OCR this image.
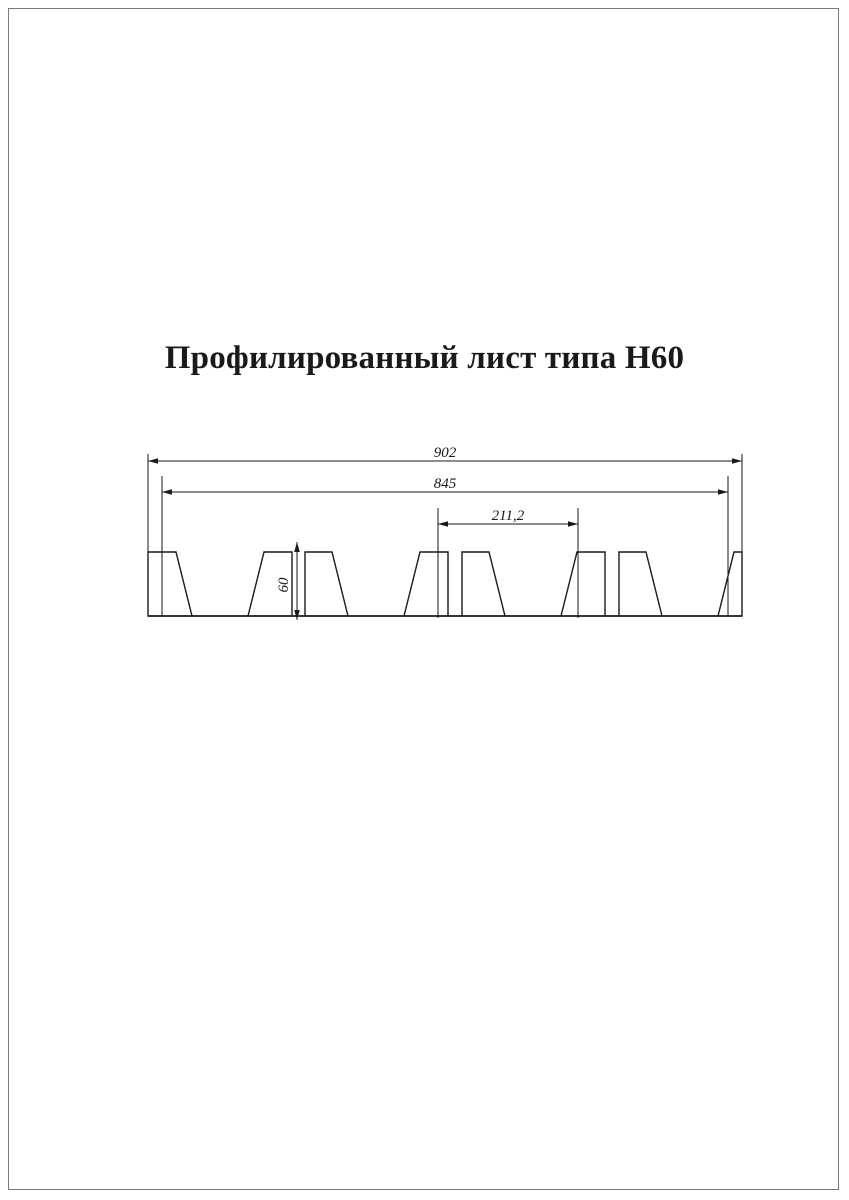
Профилированный лист типа Н60
902
845
211,2
60
